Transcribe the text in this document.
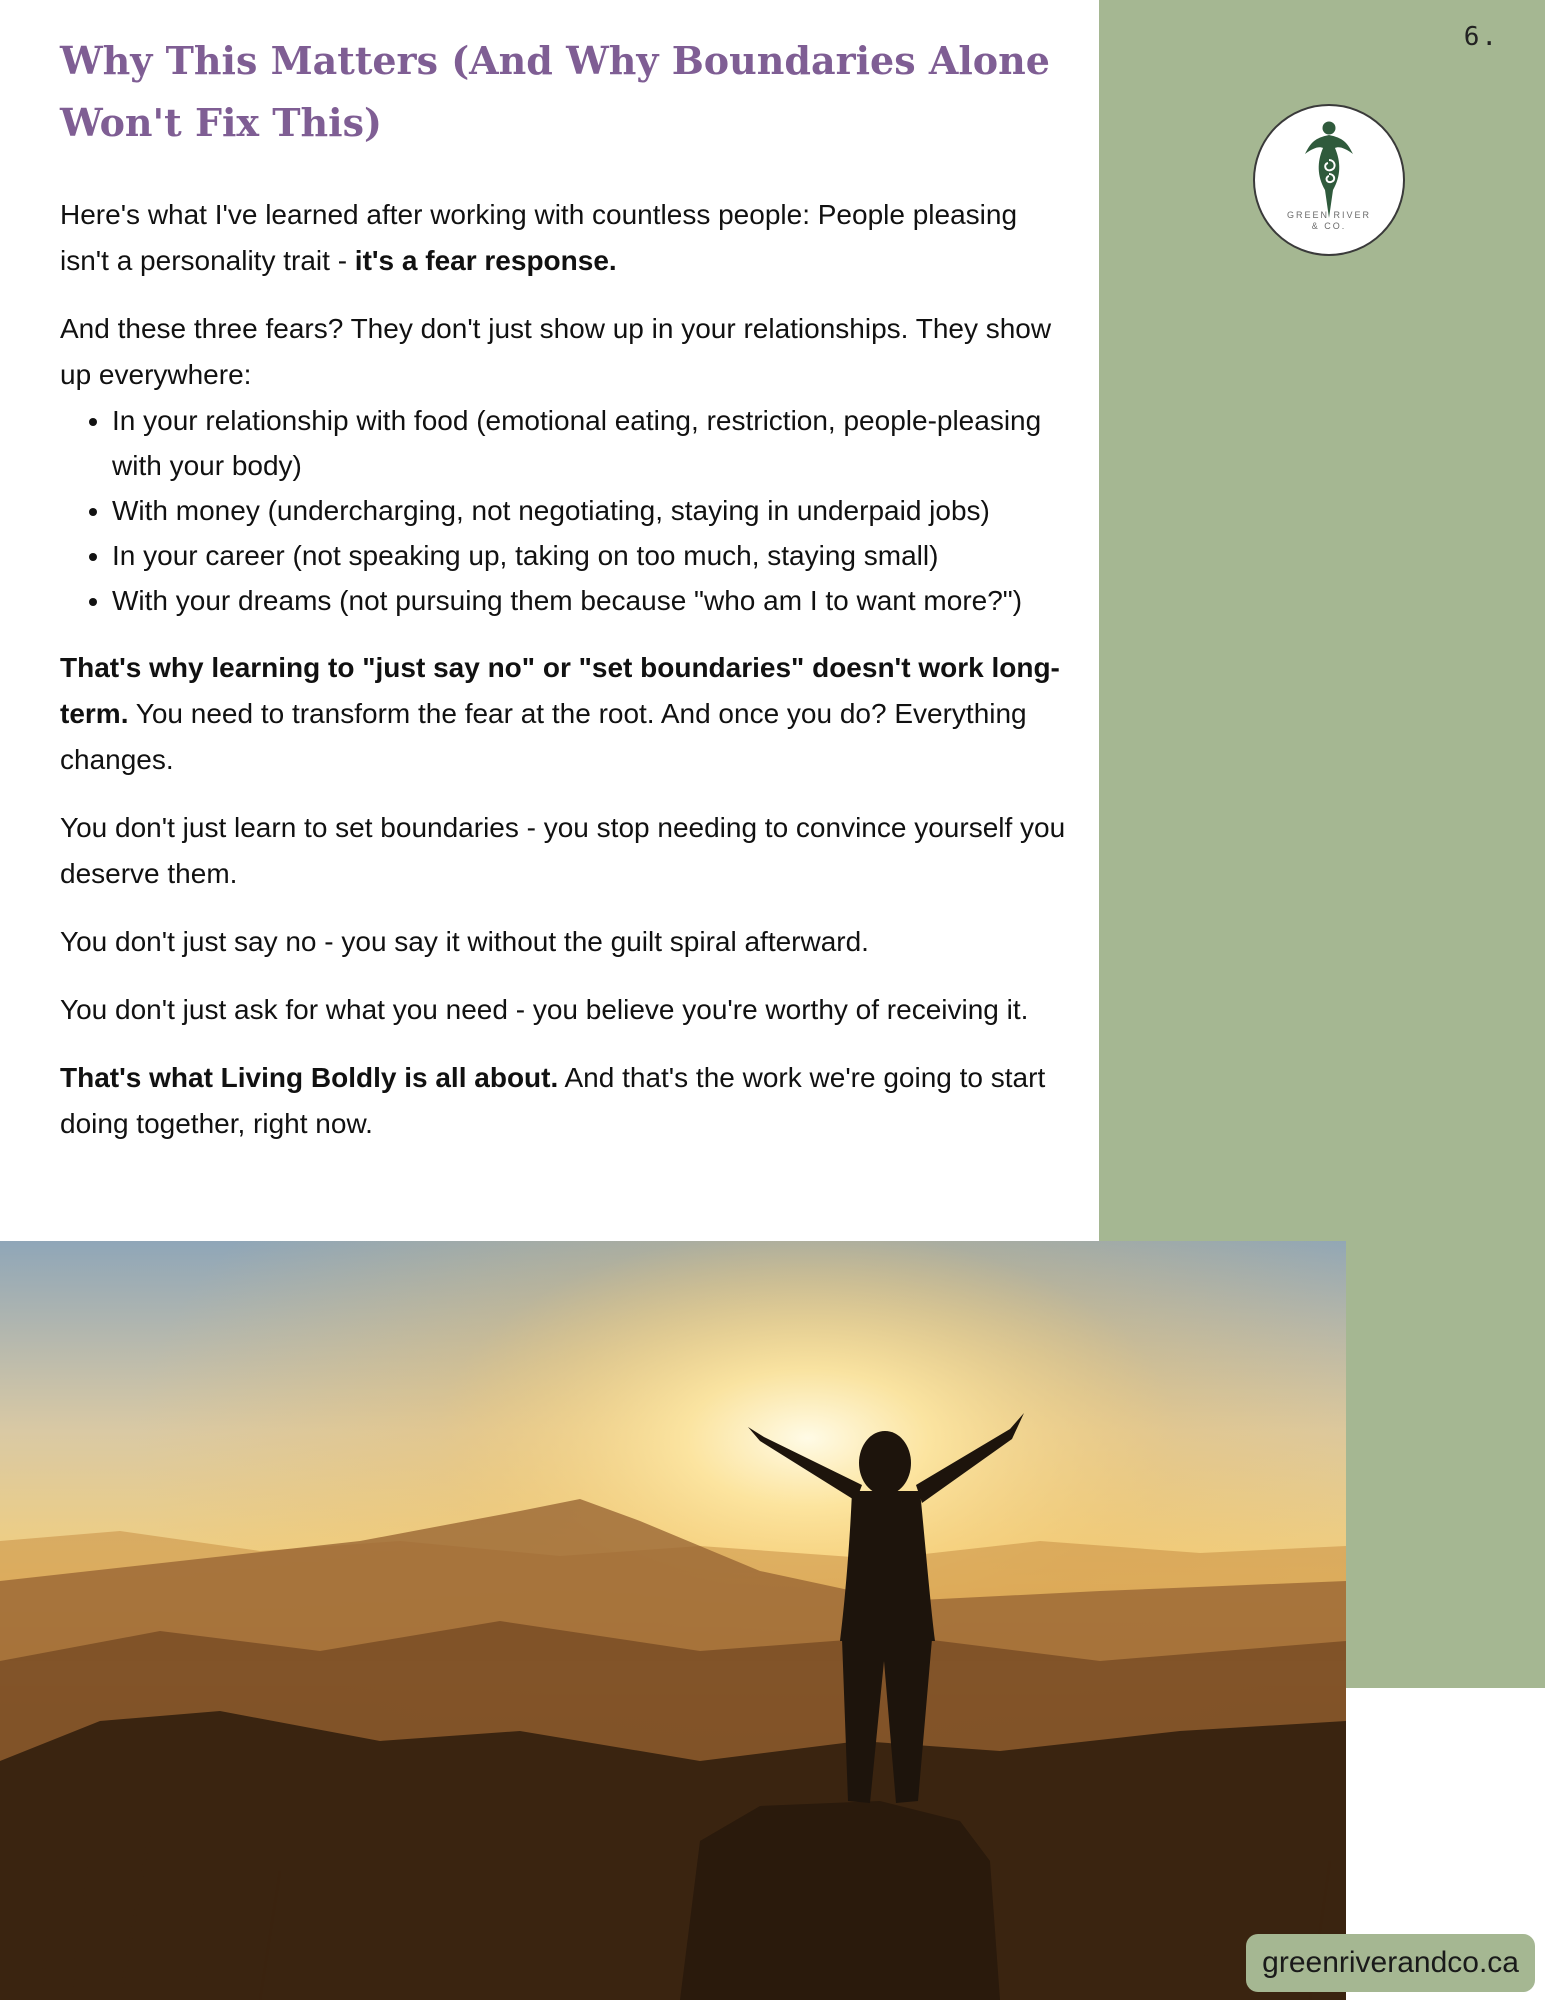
6.
GREEN RIVER
& CO.
Why This Matters (And Why Boundaries Alone Won't Fix This)

Here's what I've learned after working with countless people: People pleasing isn't a personality trait - it's a fear response.

And these three fears? They don't just show up in your relationships. They show up everywhere:

• In your relationship with food (emotional eating, restriction, people-pleasing with your body)
• With money (undercharging, not negotiating, staying in underpaid jobs)
• In your career (not speaking up, taking on too much, staying small)
• With your dreams (not pursuing them because "who am I to want more?")

That's why learning to "just say no" or "set boundaries" doesn't work long-term. You need to transform the fear at the root. And once you do? Everything changes.

You don't just learn to set boundaries - you stop needing to convince yourself you deserve them.

You don't just say no - you say it without the guilt spiral afterward.

You don't just ask for what you need - you believe you're worthy of receiving it.

That's what Living Boldly is all about. And that's the work we're going to start doing together, right now.

greenriverandco.ca
